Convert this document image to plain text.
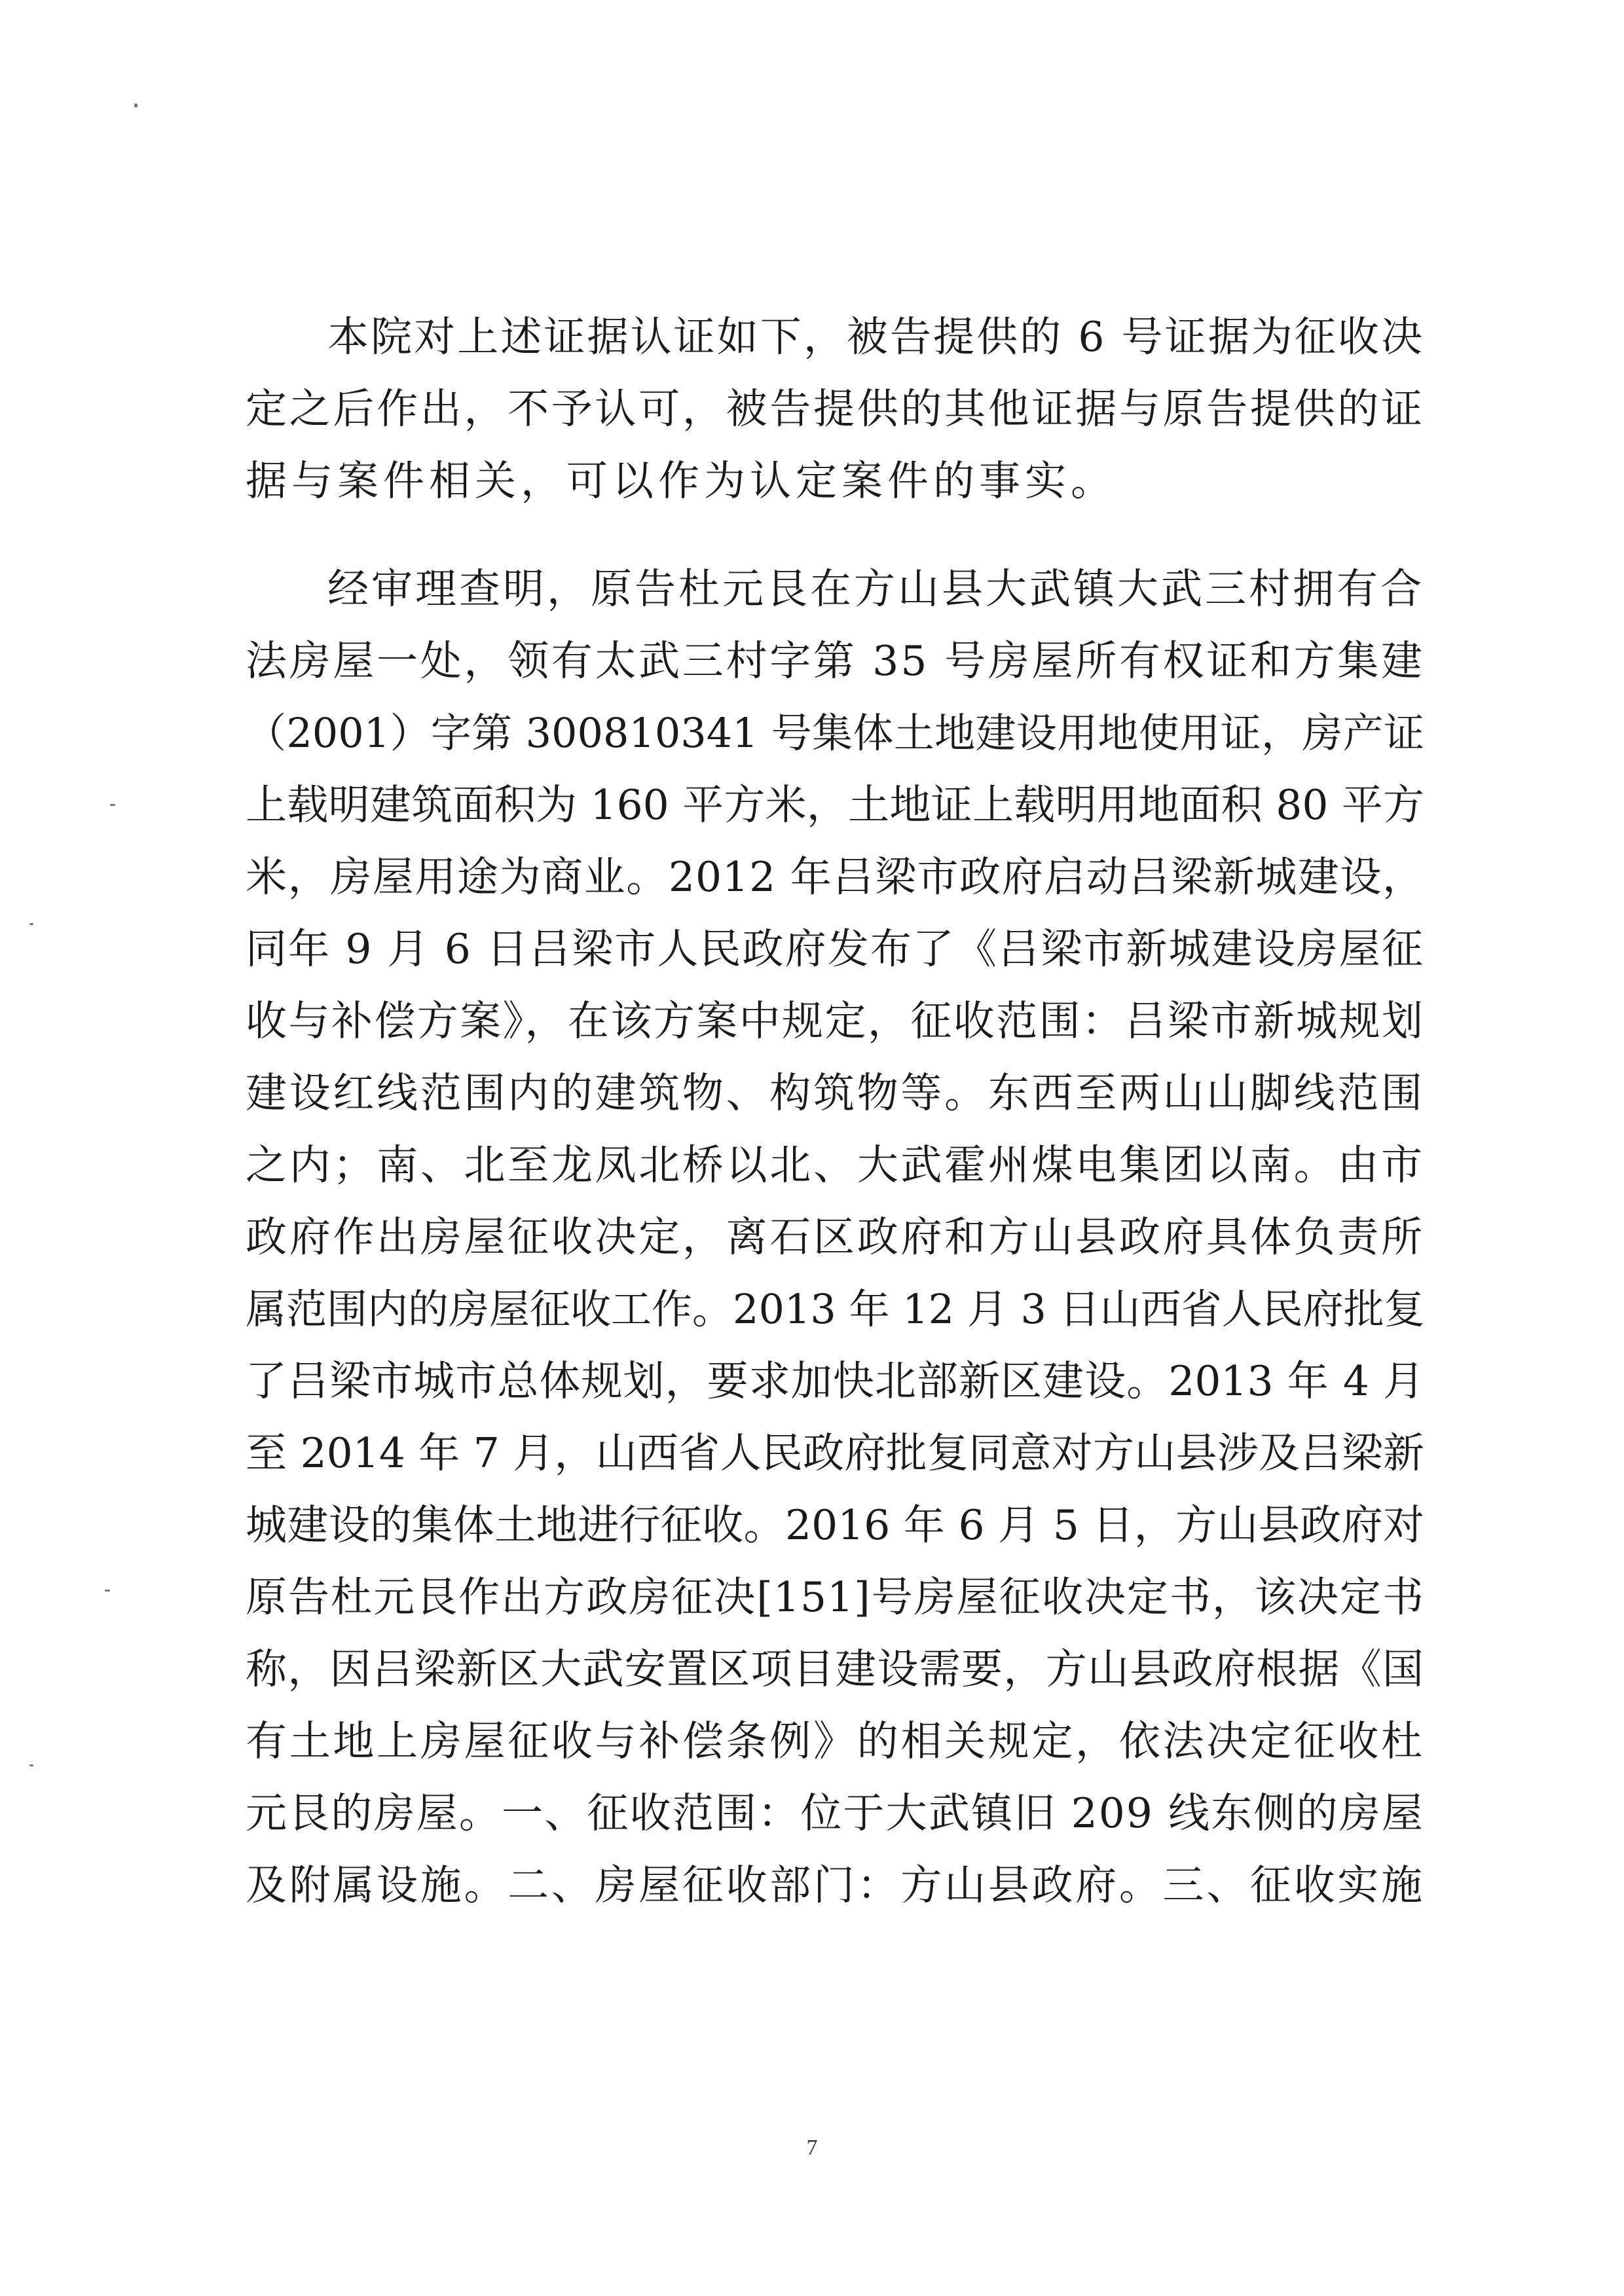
本院对上述证据认证如下，被告提供的 6 号证据为征收决
定之后作出，不予认可，被告提供的其他证据与原告提供的证
据与案件相关，可以作为认定案件的事实。
经审理查明，原告杜元艮在方山县大武镇大武三村拥有合
法房屋一处，领有太武三村字第 35 号房屋所有权证和方集建
（2001）字第 300810341 号集体土地建设用地使用证，房产证
上载明建筑面积为 160 平方米，土地证上载明用地面积 80 平方
米，房屋用途为商业。2012 年吕梁市政府启动吕梁新城建设，
同年 9 月 6 日吕梁市人民政府发布了《吕梁市新城建设房屋征
收与补偿方案》，在该方案中规定，征收范围：吕梁市新城规划
建设红线范围内的建筑物、构筑物等。东西至两山山脚线范围
之内；南、北至龙凤北桥以北、大武霍州煤电集团以南。由市
政府作出房屋征收决定，离石区政府和方山县政府具体负责所
属范围内的房屋征收工作。2013 年 12 月 3 日山西省人民府批复
了吕梁市城市总体规划，要求加快北部新区建设。2013 年 4 月
至 2014 年 7 月，山西省人民政府批复同意对方山县涉及吕梁新
城建设的集体土地进行征收。2016 年 6 月 5 日，方山县政府对
原告杜元艮作出方政房征决[151]号房屋征收决定书，该决定书
称，因吕梁新区大武安置区项目建设需要，方山县政府根据《国
有土地上房屋征收与补偿条例》的相关规定，依法决定征收杜
元艮的房屋。一、征收范围：位于大武镇旧 209 线东侧的房屋
及附属设施。二、房屋征收部门：方山县政府。三、征收实施
7
